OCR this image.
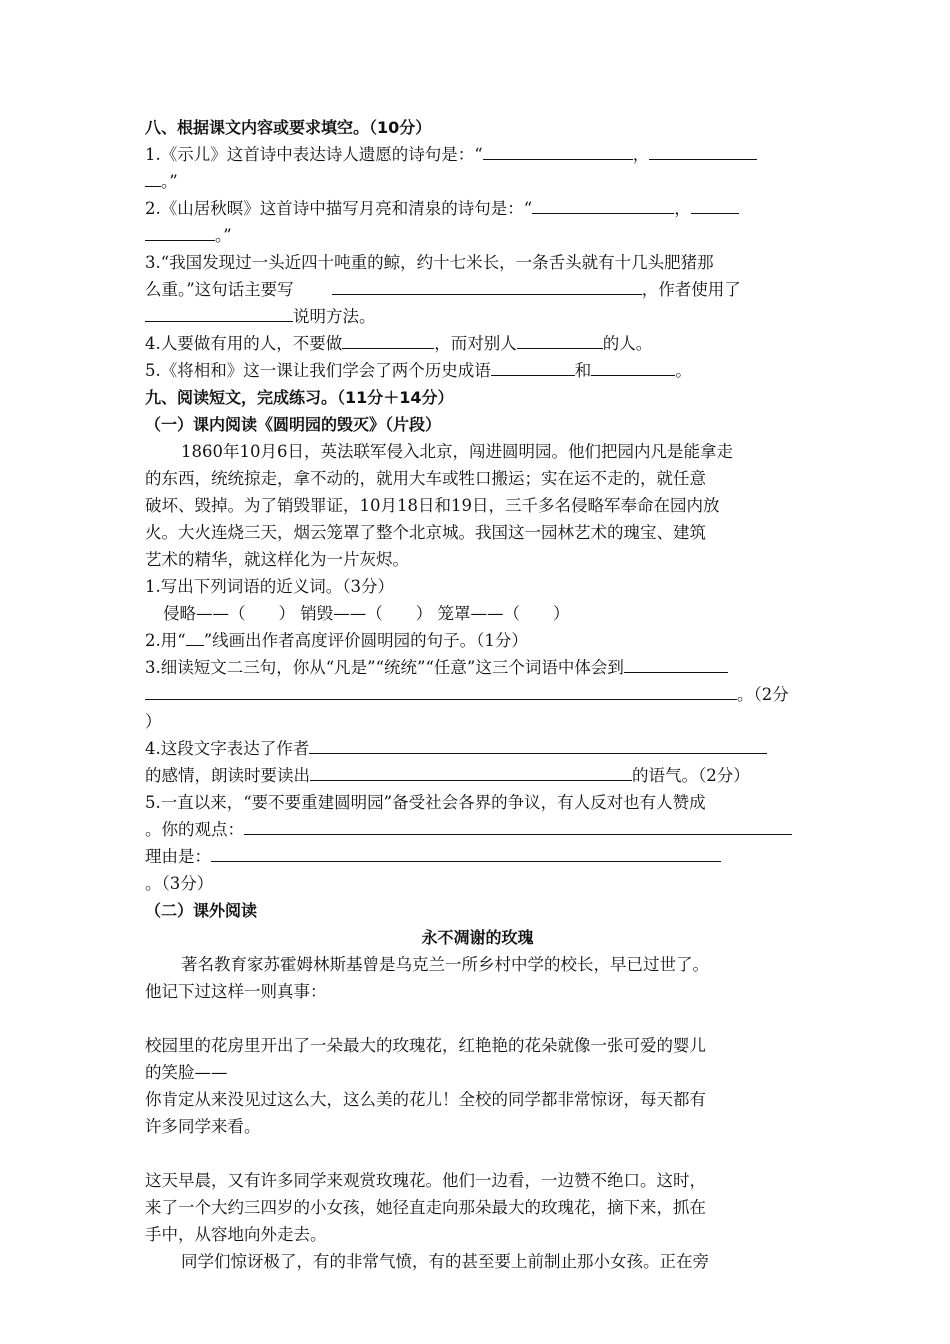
八、根据课文内容或要求填空。（10分）
1.《示儿》这首诗中表达诗人遗愿的诗句是：“	，
。”
2.《山居秋暝》这首诗中描写月亮和清泉的诗句是：“	，
。”
3.“我国发现过一头近四十吨重的鲸，约十七米长，一条舌头就有十几头肥猪那
么重。”这句话主要写	，作者使用了
说明方法。
4.人要做有用的人，不要做	，而对别人	的人。
5.《将相和》这一课让我们学会了两个历史成语	和	。
九、阅读短文，完成练习。（11分＋14分）
（一）课内阅读《圆明园的毁灭》（片段）
1860年10月6日，英法联军侵入北京，闯进圆明园。他们把园内凡是能拿走
的东西，统统掠走，拿不动的，就用大车或牲口搬运；实在运不走的，就任意
破坏、毁掉。为了销毁罪证，10月18日和19日，三千多名侵略军奉命在园内放
火。大火连烧三天，烟云笼罩了整个北京城。我国这一园林艺术的瑰宝、建筑
艺术的精华，就这样化为一片灰烬。
1.写出下列词语的近义词。（3分）
侵略——（　　） 销毁——（　　） 笼罩——（　　）
2.用“ ”线画出作者高度评价圆明园的句子。（1分）
3.细读短文二三句，你从“凡是”“统统”“任意”这三个词语中体会到
。（2分
）
4.这段文字表达了作者
的感情，朗读时要读出	的语气。（2分）
5.一直以来，“要不要重建圆明园”备受社会各界的争议，有人反对也有人赞成
。你的观点：
理由是：
。（3分）
（二）课外阅读
永不凋谢的玫瑰
著名教育家苏霍姆林斯基曾是乌克兰一所乡村中学的校长，早已过世了。
他记下过这样一则真事：
校园里的花房里开出了一朵最大的玫瑰花，红艳艳的花朵就像一张可爱的婴儿
的笑脸——
你肯定从来没见过这么大，这么美的花儿！全校的同学都非常惊讶，每天都有
许多同学来看。
这天早晨，又有许多同学来观赏玫瑰花。他们一边看，一边赞不绝口。这时，
来了一个大约三四岁的小女孩，她径直走向那朵最大的玫瑰花，摘下来，抓在
手中，从容地向外走去。
同学们惊讶极了，有的非常气愤，有的甚至要上前制止那小女孩。正在旁
